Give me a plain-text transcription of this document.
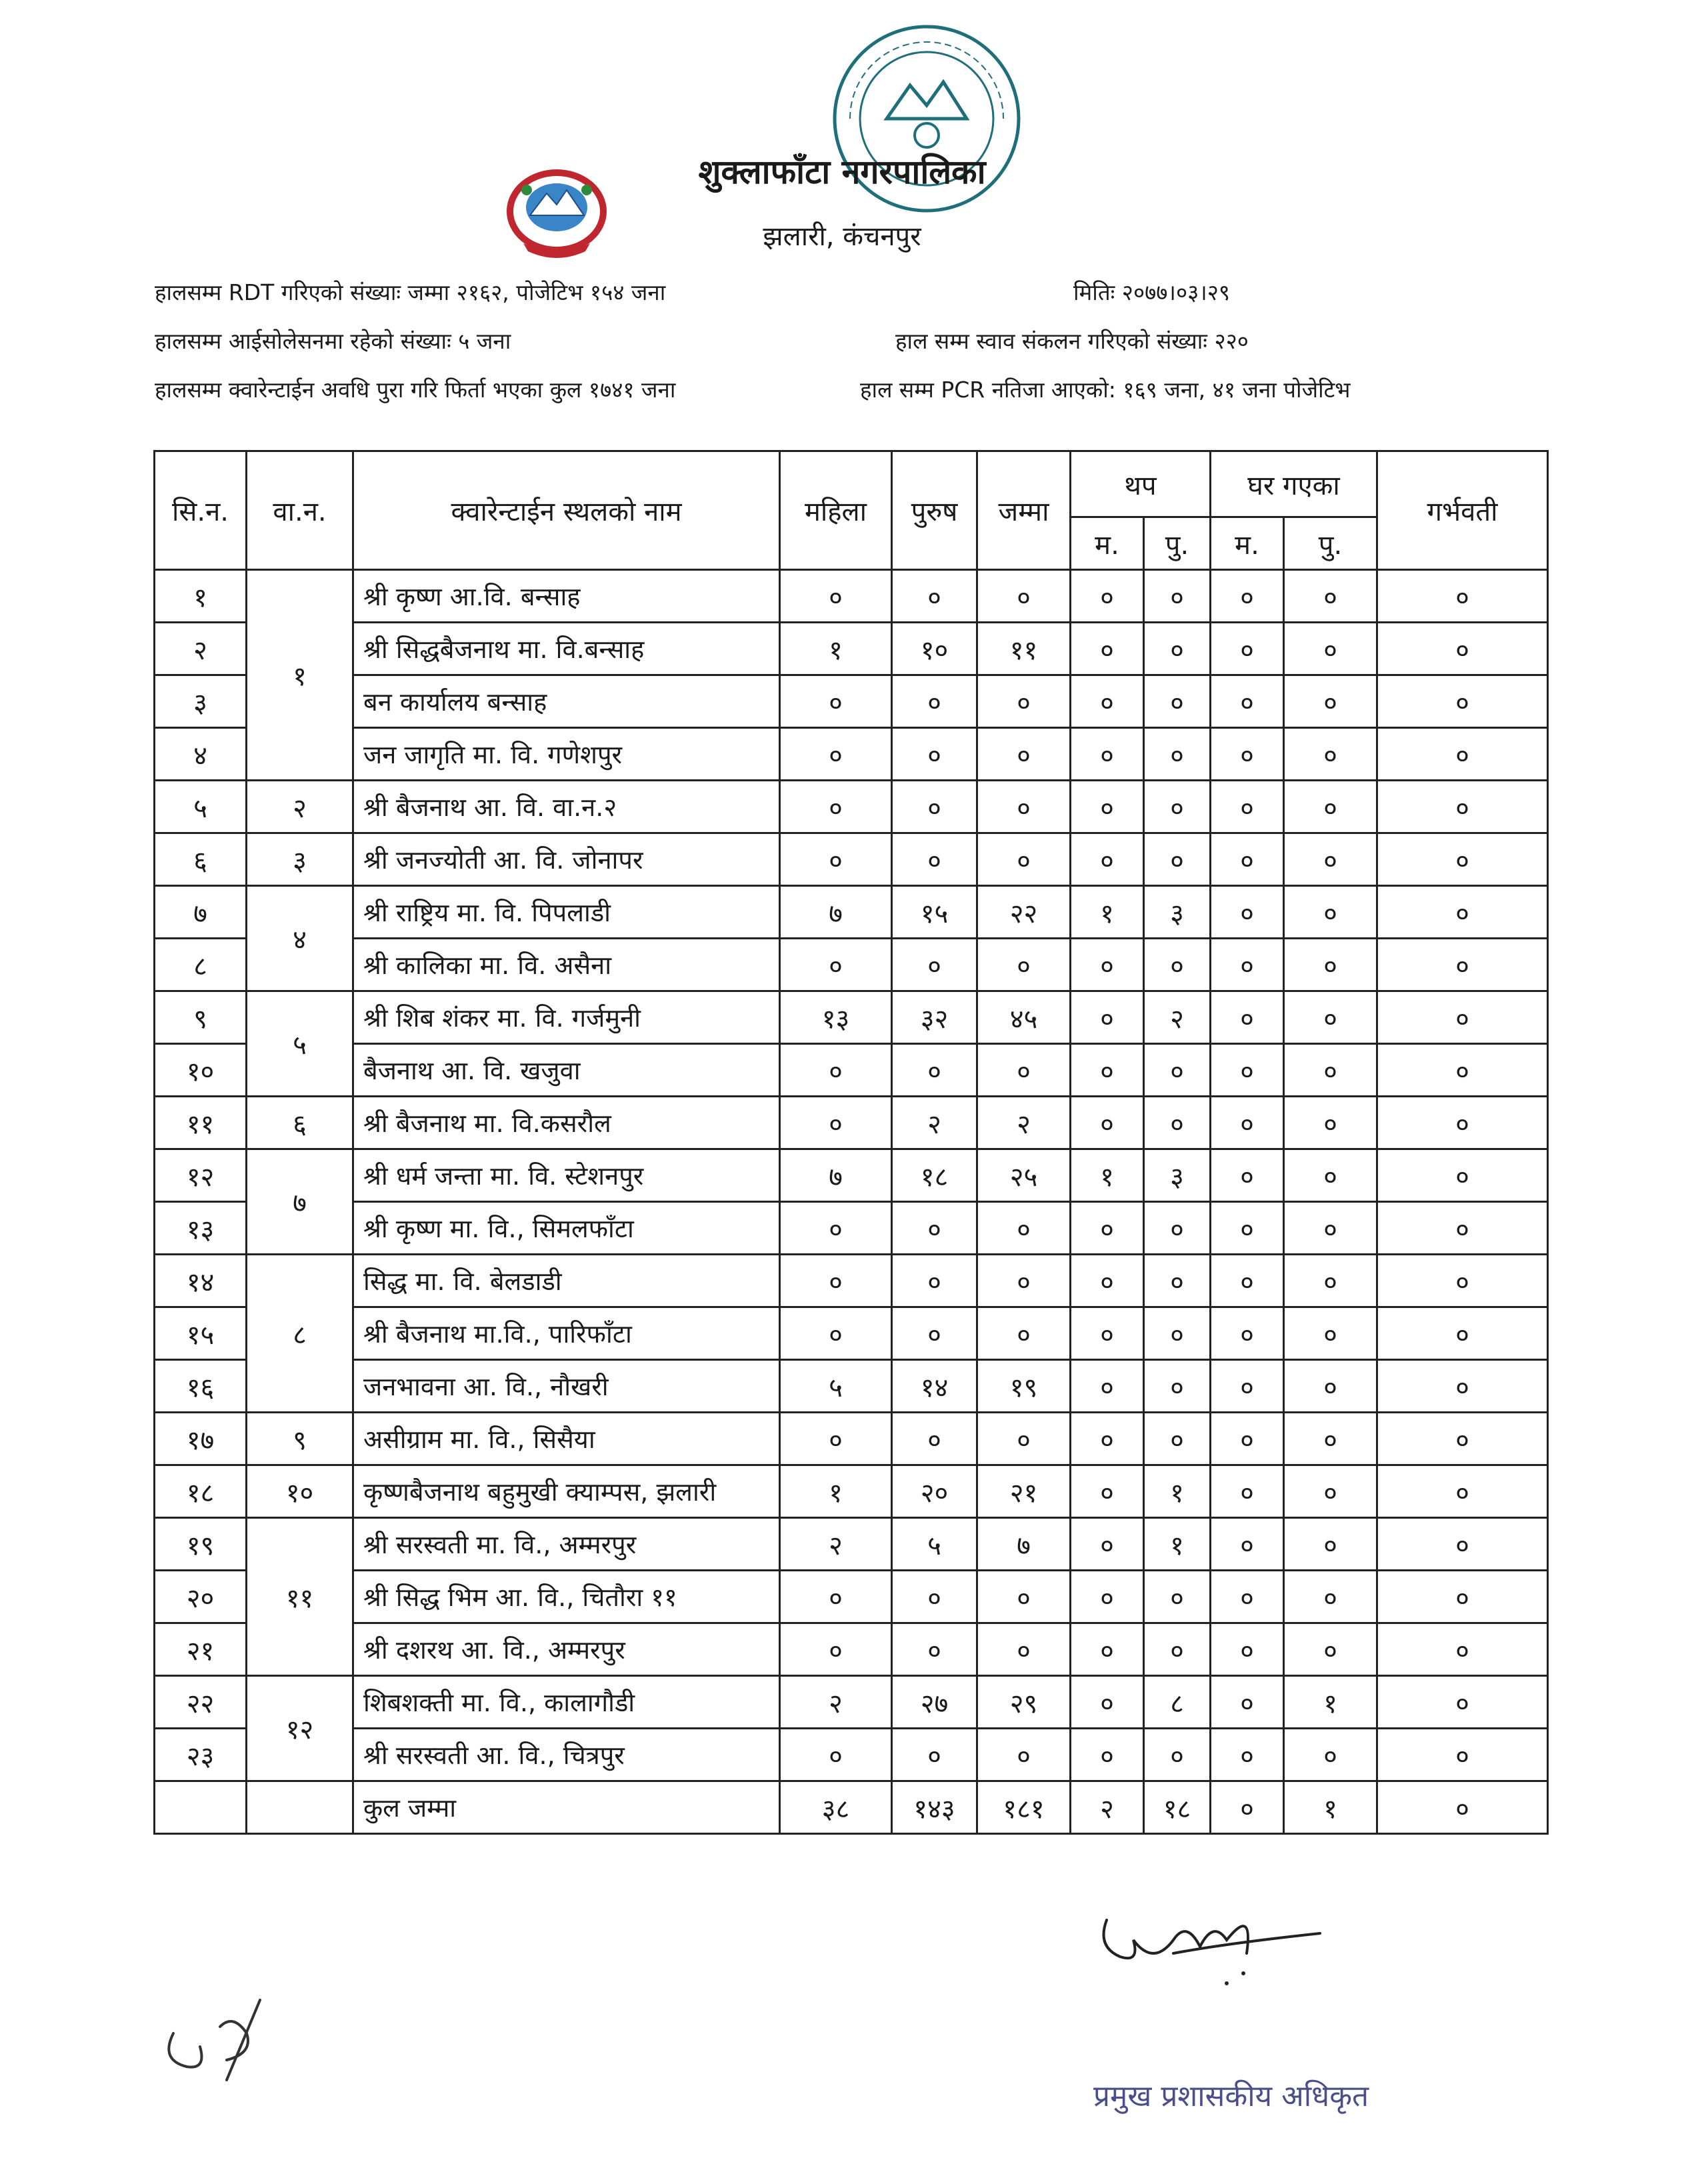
शुक्लाफाँटा नगरपालिका
झलारी, कंचनपुर
हालसम्म RDT गरिएको संख्याः जम्मा २१६२, पोजेटिभ १५४ जना	मितिः २०७७।०३।२९
हालसम्म आईसोलेसनमा रहेको संख्याः ५ जना	हाल सम्म स्वाव संकलन गरिएको संख्याः २२०
हालसम्म क्वारेन्टाईन अवधि पुरा गरि फिर्ता भएका कुल १७४१ जना	हाल सम्म PCR नतिजा आएको: १६९ जना, ४१ जना पोजेटिभ
सि.न.	वा.न.	क्वारेन्टाईन स्थलको नाम	महिला	पुरुष	जम्मा	थप		घर गएका		गर्भवती
						म.	पु.	म.	पु.	
१	१	श्री कृष्ण आ.वि. बन्साह	०	०	०	०	०	०	०	०
२		श्री सिद्धबैजनाथ मा. वि.बन्साह	१	१०	११	०	०	०	०	०
३		बन कार्यालय बन्साह	०	०	०	०	०	०	०	०
४		जन जागृति मा. वि. गणेशपुर	०	०	०	०	०	०	०	०
५	२	श्री बैजनाथ आ. वि. वा.न.२	०	०	०	०	०	०	०	०
६	३	श्री जनज्योती आ. वि. जोनापर	०	०	०	०	०	०	०	०
७	४	श्री राष्ट्रिय मा. वि. पिपलाडी	७	१५	२२	१	३	०	०	०
८		श्री कालिका मा. वि. असैना	०	०	०	०	०	०	०	०
९	५	श्री शिब शंकर मा. वि. गर्जमुनी	१३	३२	४५	०	२	०	०	०
१०		बैजनाथ आ. वि. खजुवा	०	०	०	०	०	०	०	०
११	६	श्री बैजनाथ मा. वि.कसरौल	०	२	२	०	०	०	०	०
१२	७	श्री धर्म जन्ता मा. वि. स्टेशनपुर	७	१८	२५	१	३	०	०	०
१३		श्री कृष्ण मा. वि., सिमलफाँटा	०	०	०	०	०	०	०	०
१४	८	सिद्ध मा. वि. बेलडाडी	०	०	०	०	०	०	०	०
१५		श्री बैजनाथ मा.वि., पारिफाँटा	०	०	०	०	०	०	०	०
१६		जनभावना आ. वि., नौखरी	५	१४	१९	०	०	०	०	०
१७	९	असीग्राम मा. वि., सिसैया	०	०	०	०	०	०	०	०
१८	१०	कृष्णबैजनाथ बहुमुखी क्याम्पस, झलारी	१	२०	२१	०	१	०	०	०
१९	११	श्री सरस्वती मा. वि., अम्मरपुर	२	५	७	०	१	०	०	०
२०		श्री सिद्ध भिम आ. वि., चितौरा ११	०	०	०	०	०	०	०	०
२१		श्री दशरथ आ. वि., अम्मरपुर	०	०	०	०	०	०	०	०
२२	१२	शिबशक्ती मा. वि., कालागौडी	२	२७	२९	०	८	०	१	०
२३		श्री सरस्वती आ. वि., चित्रपुर	०	०	०	०	०	०	०	०
		कुल जम्मा	३८	१४३	१८१	२	१८	०	१	०
प्रमुख प्रशासकीय अधिकृत
